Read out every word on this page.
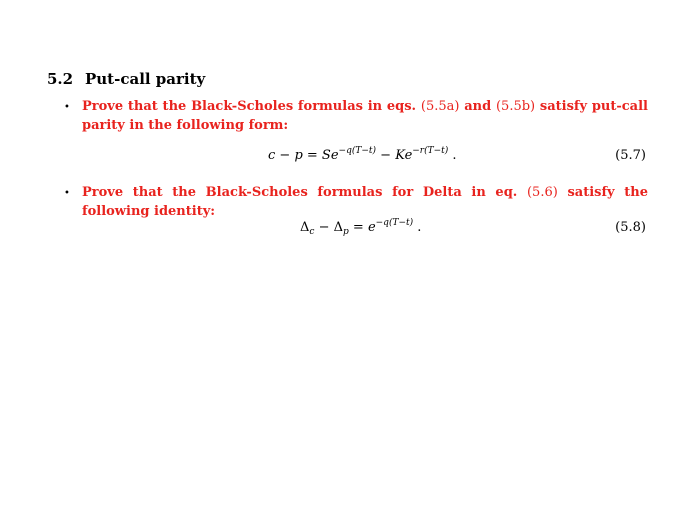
5.2 Put-call parity
• Prove that the Black-Scholes formulas in eqs. (5.5a) and (5.5b) satisfy put-call parity in the following form:
$c - p = Se^{-q(T-t)} - Ke^{-r(T-t)}$ .	(5.7)
• Prove that the Black-Scholes formulas for Delta in eq. (5.6) satisfy the following identity:
$\Delta_c - \Delta_p = e^{-q(T-t)}$ .	(5.8)
